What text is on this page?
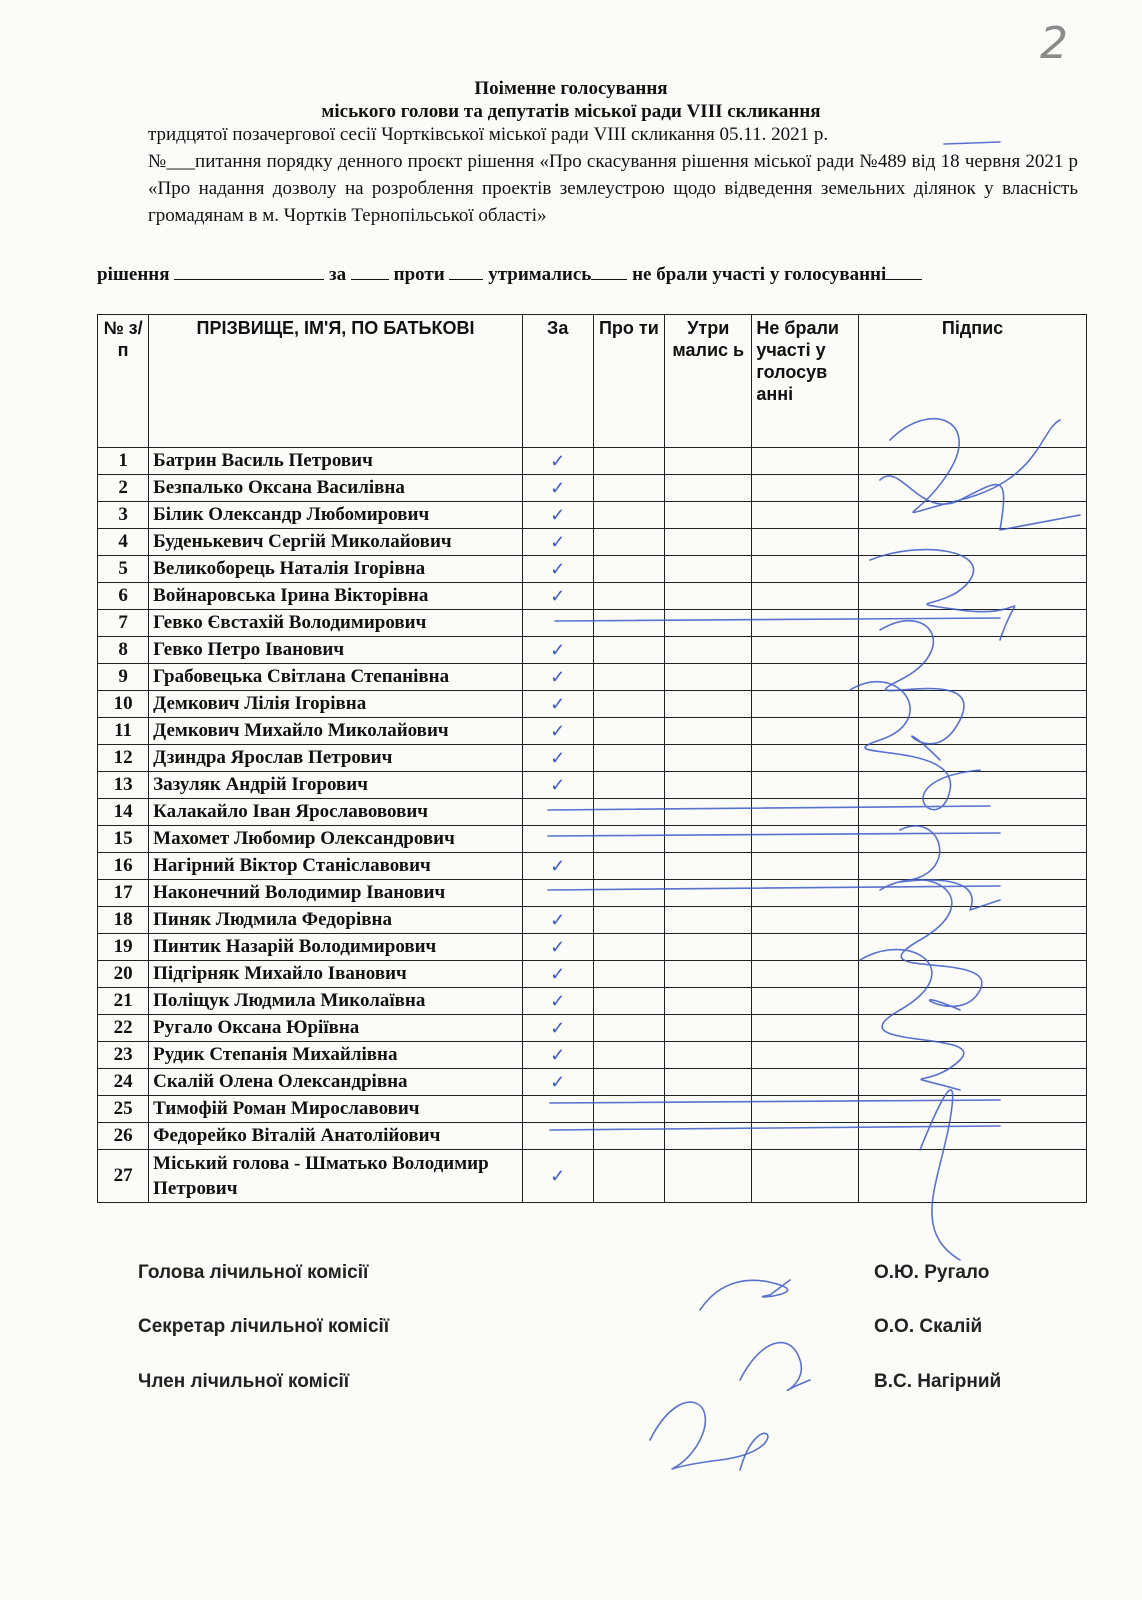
2
Поіменне голосування
міського голови та депутатів міської ради VIII скликання

тридцятої позачергової сесії Чортківської міської ради VIII скликання 05.11. 2021 р.

№___питання порядку денного проєкт рішення «Про скасування рішення міської ради №489 від 18 червня 2021 р «Про надання дозволу на розроблення проектів землеустрою щодо відведення земельних ділянок у власність громадянам в м. Чортків Тернопільської області»

рішення	за	проти утримались не брали участі у голосуванні
№ з/п	ПРІЗВИЩЕ, ІМ'Я, ПО БАТЬКОВІ	За	Про ти	Утри малис ь	Не брали участі у голосув анні	Підпис
1	Батрин Василь Петрович	✓				
2	Безпалько Оксана Василівна	✓				
3	Білик Олександр Любомирович	✓				
4	Буденькевич Сергій Миколайович	✓				
5	Великоборець Наталія Ігорівна	✓				
6	Войнаровська Ірина Вікторівна	✓				
7	Гевко Євстахій Володимирович					
8	Гевко Петро Іванович	✓				
9	Грабовецька Світлана Степанівна	✓				
10	Демкович Лілія Ігорівна	✓				
11	Демкович Михайло Миколайович	✓				
12	Дзиндра Ярослав Петрович	✓				
13	Зазуляк Андрій Ігорович	✓				
14	Калакайло Іван Ярославовович					
15	Махомет Любомир Олександрович					
16	Нагірний Віктор Станіславович	✓				
17	Наконечний Володимир Іванович					
18	Пиняк Людмила Федорівна	✓				
19	Пинтик Назарій Володимирович	✓				
20	Підгірняк Михайло Іванович	✓				
21	Поліщук Людмила Миколаївна	✓				
22	Ругало Оксана Юріївна	✓				
23	Рудик Степанія Михайлівна	✓				
24	Скалій Олена Олександрівна	✓				
25	Тимофій Роман Мирославович					
26	Федорейко Віталій Анатолійович					
27	Міський голова - Шматько Володимир Петрович	✓				
Голова лічильної комісії	О.Ю. Ругало
Секретар лічильної комісії	О.О. Скалій
Член лічильної комісії	В.С. Нагірний
